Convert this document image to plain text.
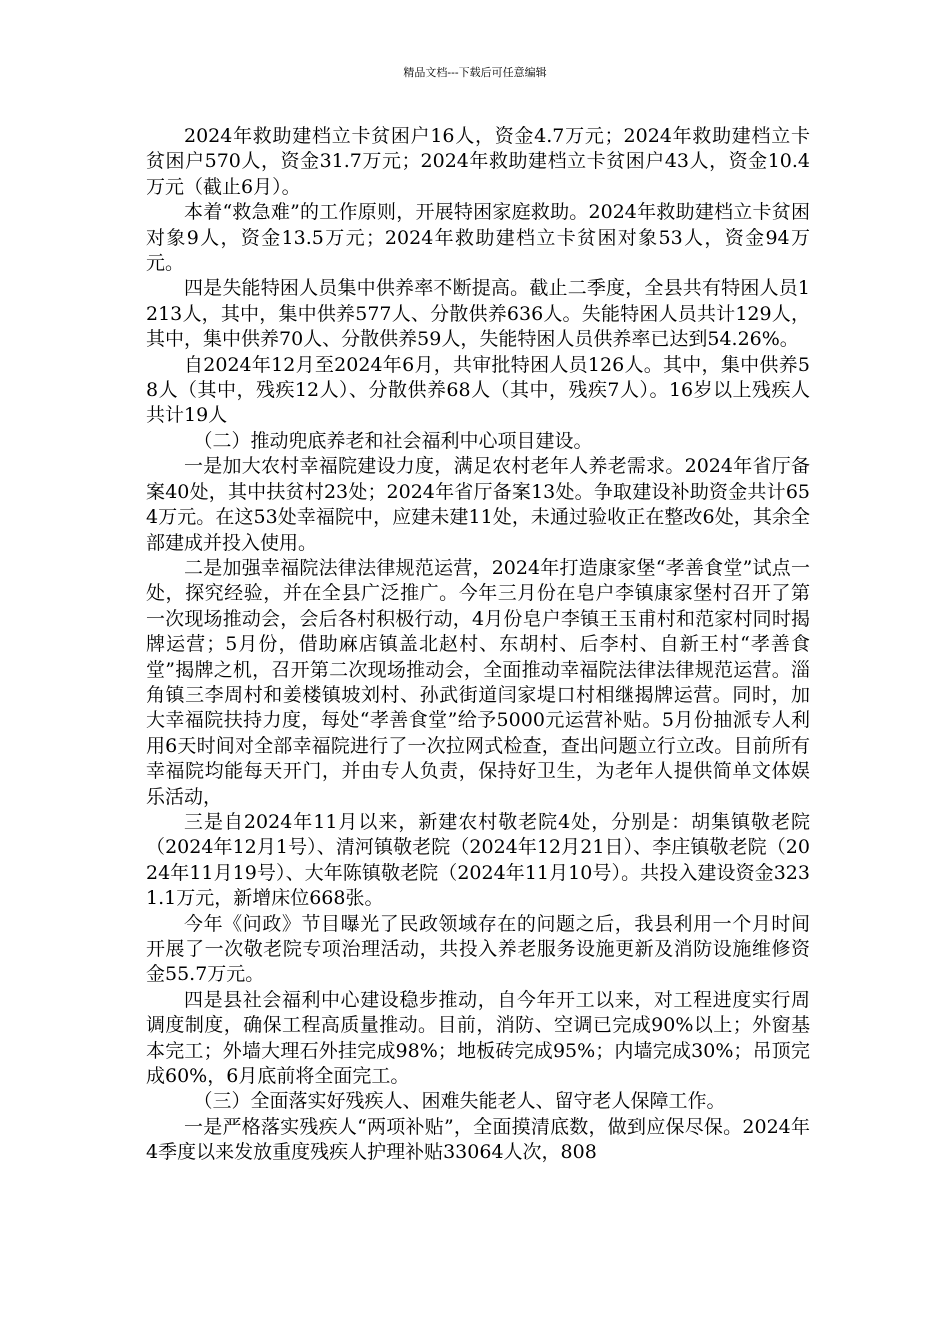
精品文档---下载后可任意编辑

2024年救助建档立卡贫困户16人，资金4.7万元；2024年救助建档立卡贫困户570人，资金31.7万元；2024年救助建档立卡贫困户43人，资金10.4万元（截止6月）。

本着“救急难”的工作原则，开展特困家庭救助。2024年救助建档立卡贫困对象9人，资金13.5万元；2024年救助建档立卡贫困对象53人，资金94万元。

四是失能特困人员集中供养率不断提高。截止二季度，全县共有特困人员1213人，其中，集中供养577人、分散供养636人。失能特困人员共计129人，其中，集中供养70人、分散供养59人，失能特困人员供养率已达到54.26%。

自2024年12月至2024年6月，共审批特困人员126人。其中，集中供养58人（其中，残疾12人）、分散供养68人（其中，残疾7人）。16岁以上残疾人共计19人

（二）推动兜底养老和社会福利中心项目建设。

一是加大农村幸福院建设力度，满足农村老年人养老需求。2024年省厅备案40处，其中扶贫村23处；2024年省厅备案13处。争取建设补助资金共计654万元。在这53处幸福院中，应建未建11处，未通过验收正在整改6处，其余全部建成并投入使用。

二是加强幸福院法律法律规范运营，2024年打造康家堡“孝善食堂”试点一处，探究经验，并在全县广泛推广。今年三月份在皂户李镇康家堡村召开了第一次现场推动会，会后各村积极行动，4月份皂户李镇王玉甫村和范家村同时揭牌运营；5月份，借助麻店镇盖北赵村、东胡村、后李村、自新王村“孝善食堂”揭牌之机，召开第二次现场推动会，全面推动幸福院法律法律规范运营。淄角镇三李周村和姜楼镇坡刘村、孙武街道闫家堤口村相继揭牌运营。同时，加大幸福院扶持力度，每处“孝善食堂”给予5000元运营补贴。5月份抽派专人利用6天时间对全部幸福院进行了一次拉网式检查，查出问题立行立改。目前所有幸福院均能每天开门，并由专人负责，保持好卫生，为老年人提供简单文体娱乐活动，

三是自2024年11月以来，新建农村敬老院4处，分别是：胡集镇敬老院（2024年12月1号）、清河镇敬老院（2024年12月21日）、李庄镇敬老院（2024年11月19号）、大年陈镇敬老院（2024年11月10号）。共投入建设资金3231.1万元，新增床位668张。

今年《问政》节目曝光了民政领域存在的问题之后，我县利用一个月时间开展了一次敬老院专项治理活动，共投入养老服务设施更新及消防设施维修资金55.7万元。

四是县社会福利中心建设稳步推动，自今年开工以来，对工程进度实行周调度制度，确保工程高质量推动。目前，消防、空调已完成90%以上；外窗基本完工；外墙大理石外挂完成98%；地板砖完成95%；内墙完成30%；吊顶完成60%，6月底前将全面完工。

（三）全面落实好残疾人、困难失能老人、留守老人保障工作。

一是严格落实残疾人“两项补贴”，全面摸清底数，做到应保尽保。2024年4季度以来发放重度残疾人护理补贴33064人次，808
